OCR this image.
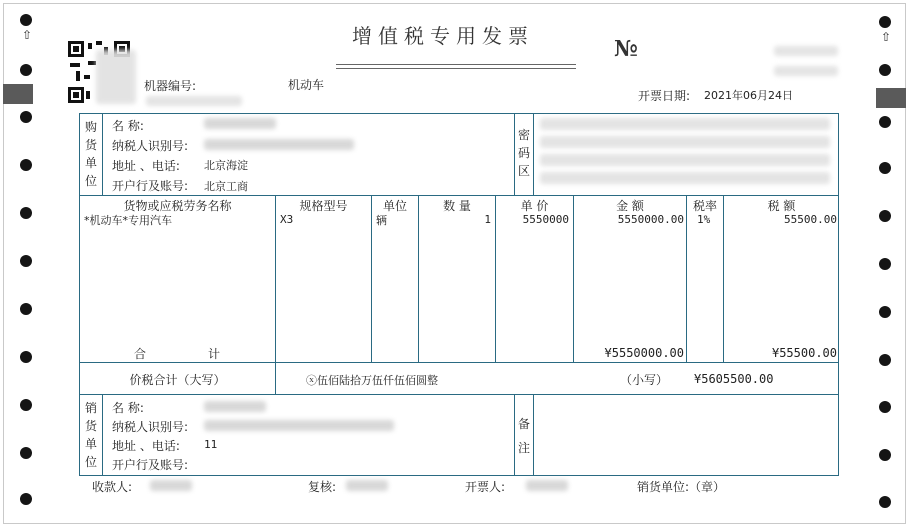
⇧	⇧
增值税专用发票	№
机器编号:	机动车
开票日期: 2021年06月24日
购
货
单
位
名 称:
纳税人识别号:
地址 、电话: 北京海淀
开户行及账号: 北京工商
密
码
区
货物或应税劳务名称	规格型号	单位	数 量	单 价	金 额	税率	税 额
*机动车*专用汽车	X3	辆	1	5550000	5550000.00 1%	55500.00
合	计	¥5550000.00	¥55500.00
价税合计（大写）	ⓧ伍佰陆拾万伍仟伍佰圆整	（小写） ¥5605500.00
销
货
单
位
名 称:
纳税人识别号:
地址 、电话: 11
开户行及账号:
备
注
收款人:	复核:	开票人:	销货单位:（章）
